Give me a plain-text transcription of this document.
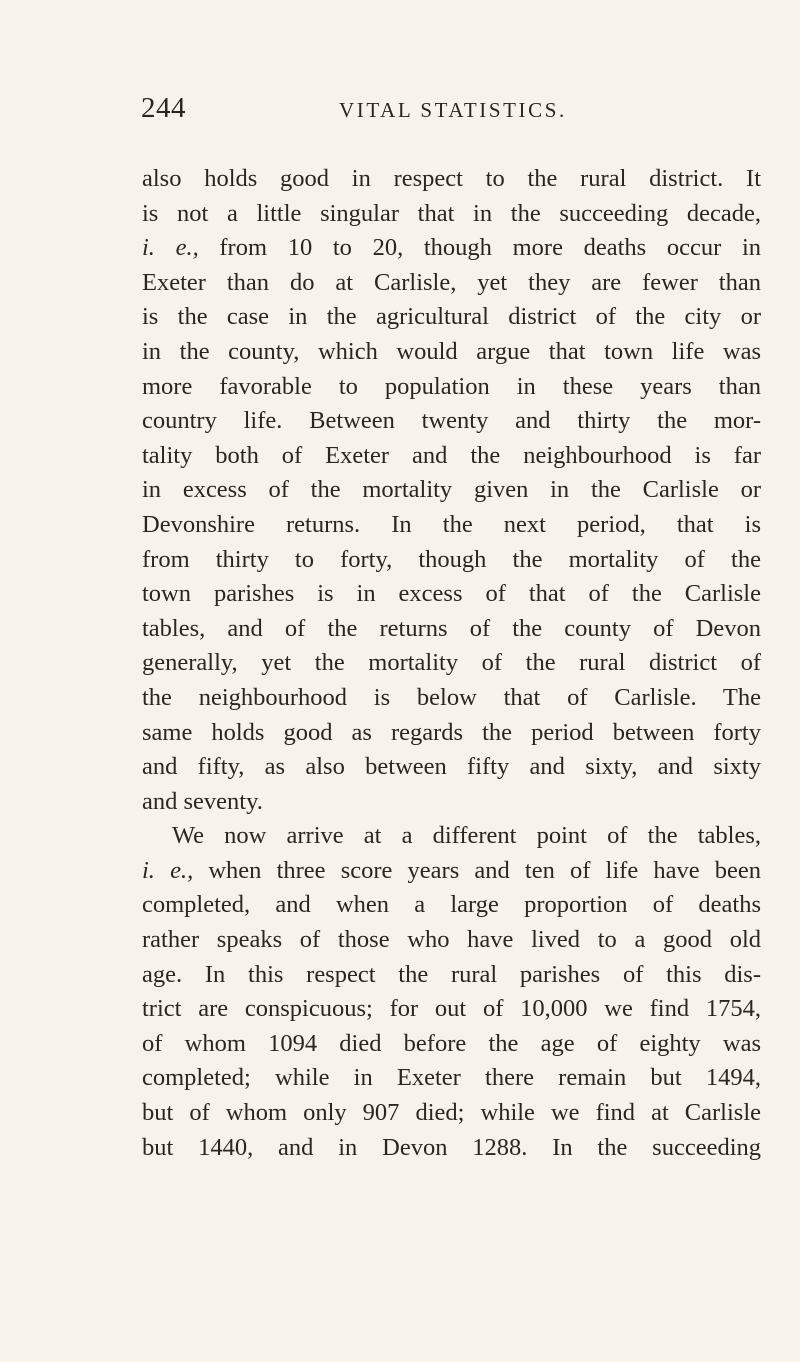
244	VITAL STATISTICS.
also holds good in respect to the rural district. It
is not a little singular that in the succeeding decade,
i. e., from 10 to 20, though more deaths occur in
Exeter than do at Carlisle, yet they are fewer than
is the case in the agricultural district of the city or
in the county, which would argue that town life was
more favorable to population in these years than
country life. Between twenty and thirty the mor-
tality both of Exeter and the neighbourhood is far
in excess of the mortality given in the Carlisle or
Devonshire returns. In the next period, that is
from thirty to forty, though the mortality of the
town parishes is in excess of that of the Carlisle
tables, and of the returns of the county of Devon
generally, yet the mortality of the rural district of
the neighbourhood is below that of Carlisle. The
same holds good as regards the period between forty
and fifty, as also between fifty and sixty, and sixty
and seventy.
We now arrive at a different point of the tables,
i. e., when three score years and ten of life have been
completed, and when a large proportion of deaths
rather speaks of those who have lived to a good old
age. In this respect the rural parishes of this dis-
trict are conspicuous; for out of 10,000 we find 1754,
of whom 1094 died before the age of eighty was
completed; while in Exeter there remain but 1494,
but of whom only 907 died; while we find at Carlisle
but 1440, and in Devon 1288. In the succeeding
